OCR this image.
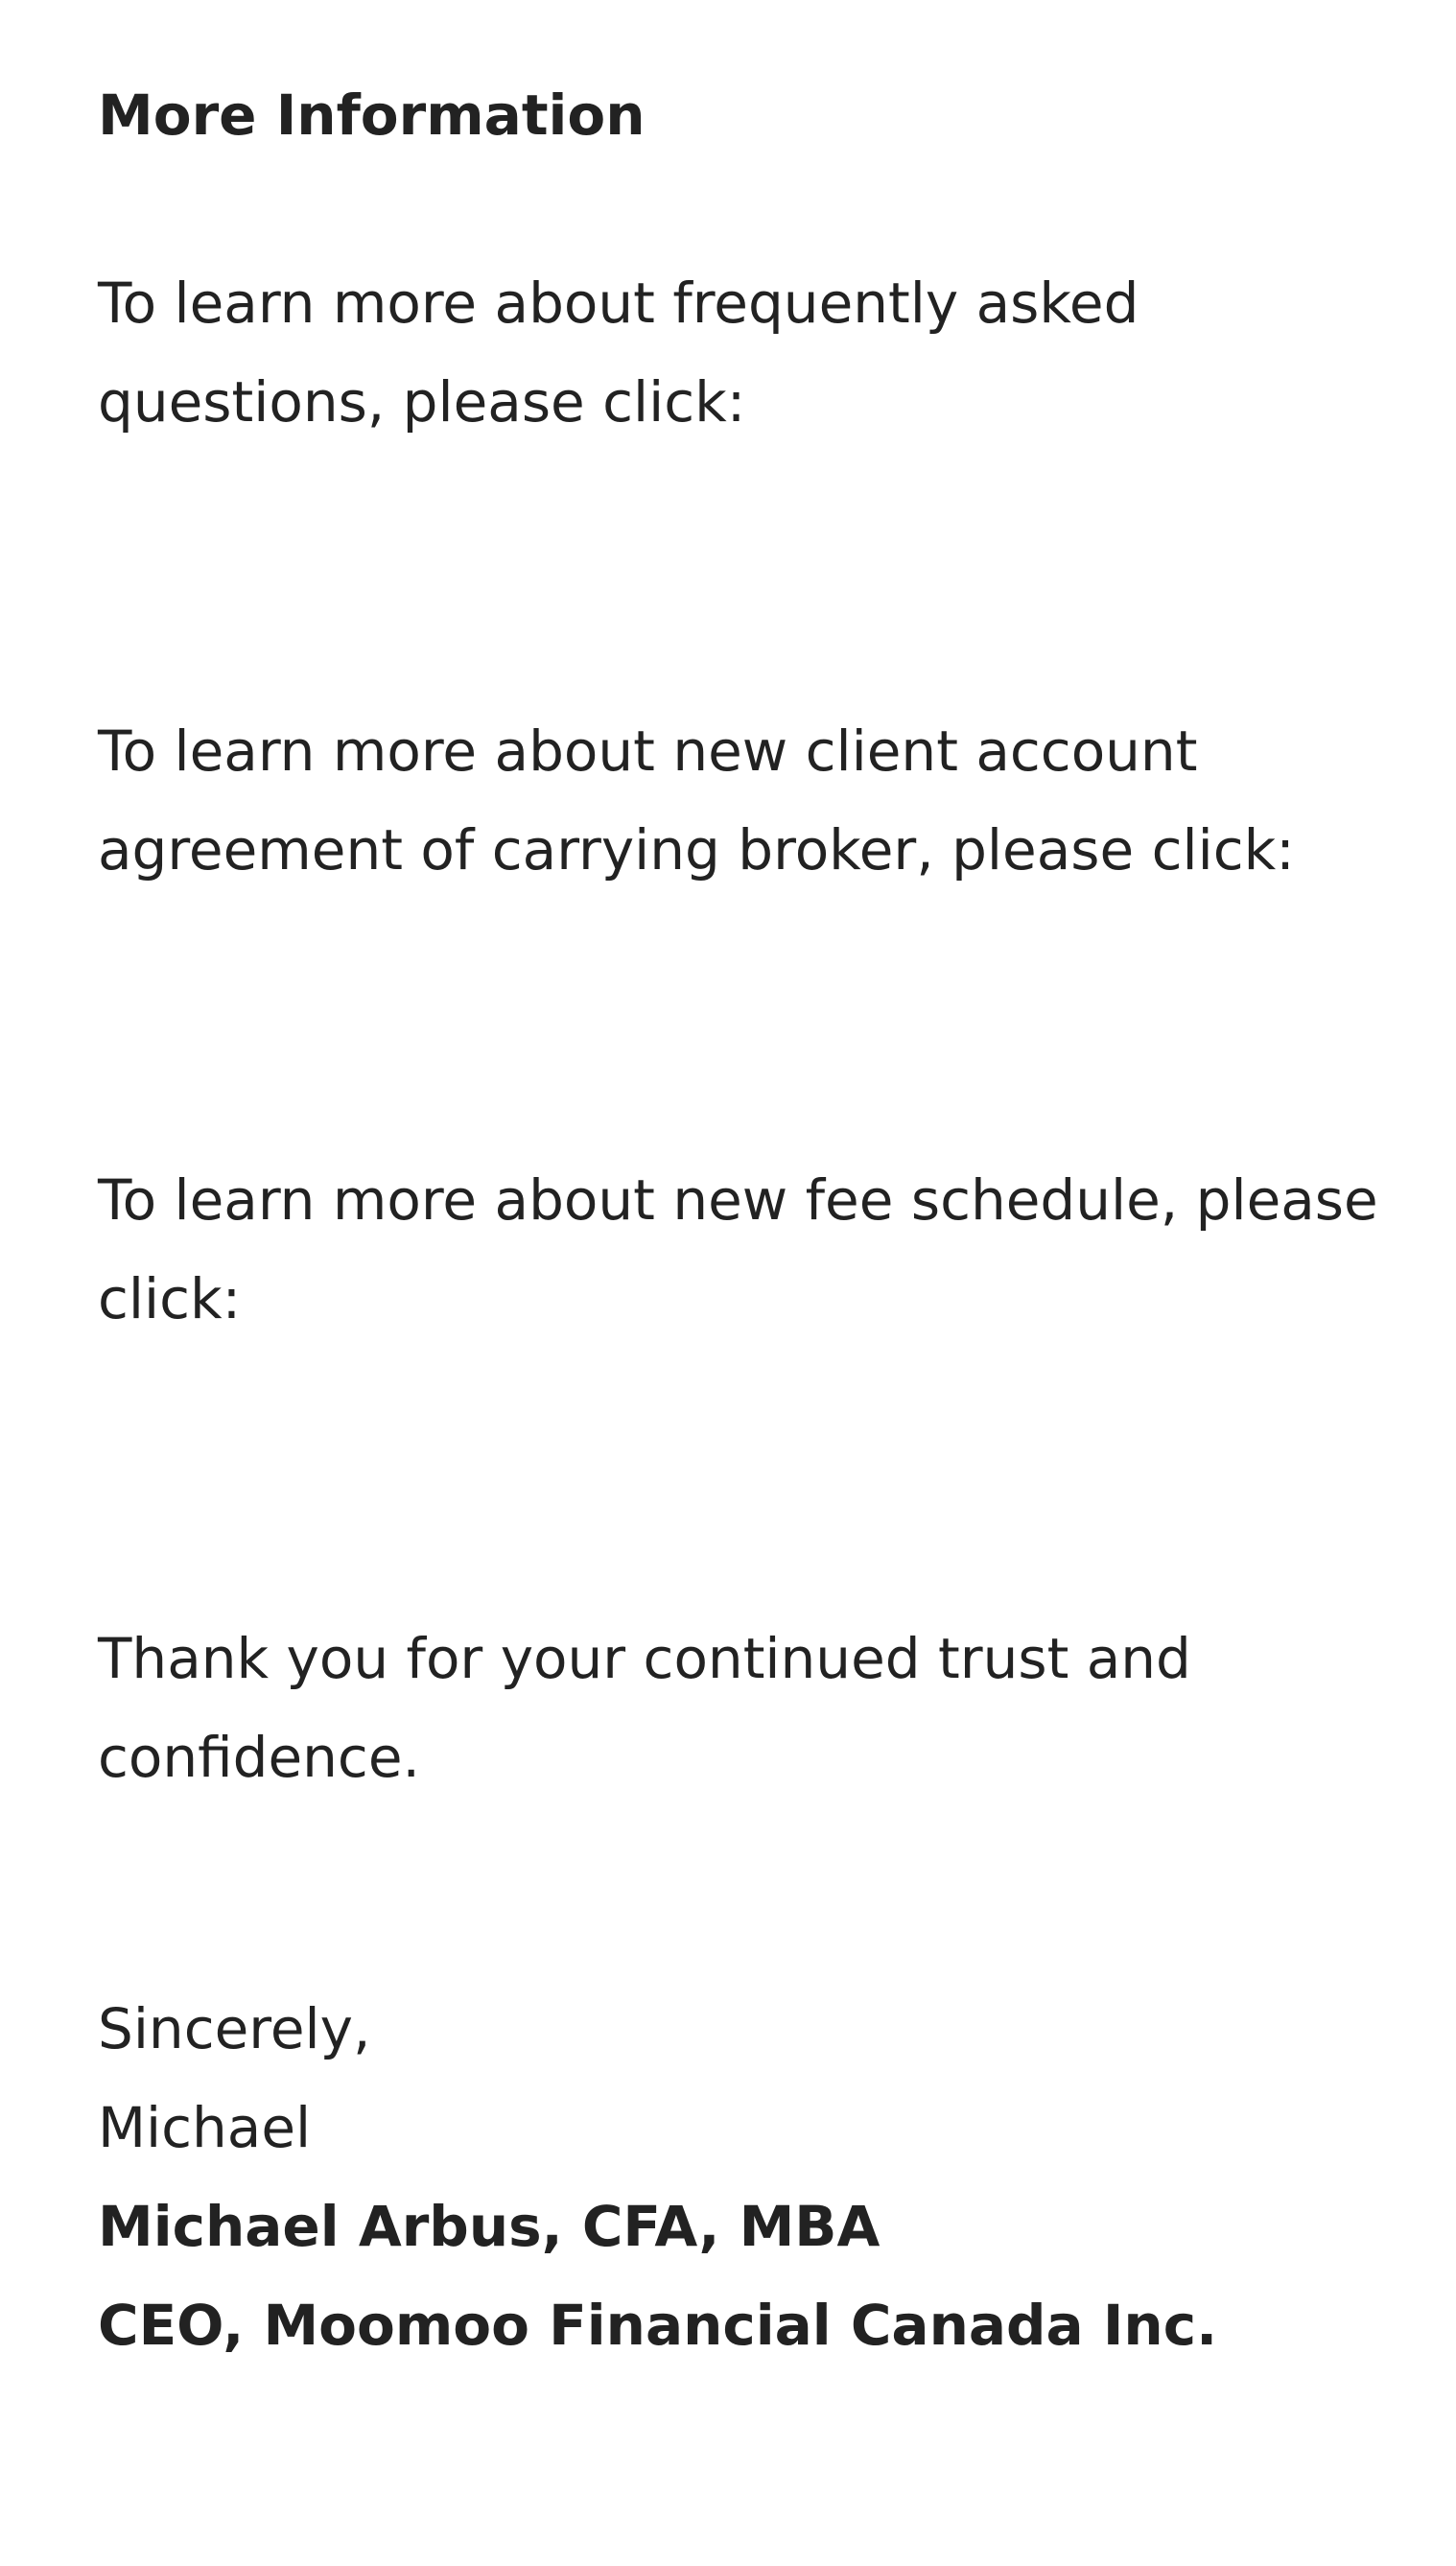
More Information

To learn more about frequently asked
questions, please click:

To learn more about new client account
agreement of carrying broker, please click:

To learn more about new fee schedule, please
click:

Thank you for your continued trust and
confidence.

Sincerely,
Michael
Michael Arbus, CFA, MBA
CEO, Moomoo Financial Canada Inc.
